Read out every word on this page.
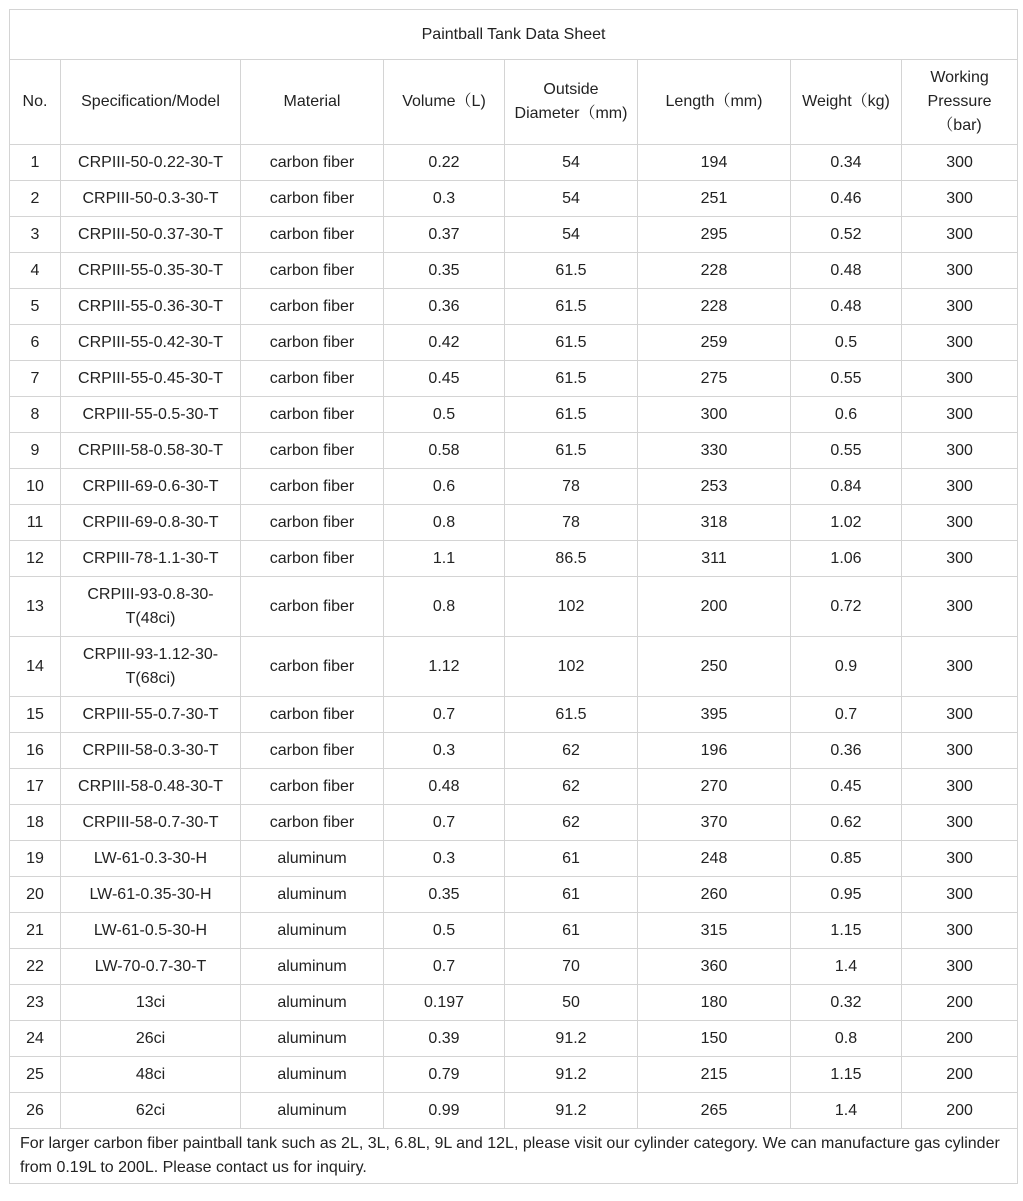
Paintball Tank Data Sheet							
No.	Specification/Model	Material	Volume（L)	Outside Diameter（mm)	Length（mm)	Weight（kg)	Working Pressure（bar)
1	CRPIII-50-0.22-30-T	carbon fiber	0.22	54	194	0.34	300
2	CRPIII-50-0.3-30-T	carbon fiber	0.3	54	251	0.46	300
3	CRPIII-50-0.37-30-T	carbon fiber	0.37	54	295	0.52	300
4	CRPIII-55-0.35-30-T	carbon fiber	0.35	61.5	228	0.48	300
5	CRPIII-55-0.36-30-T	carbon fiber	0.36	61.5	228	0.48	300
6	CRPIII-55-0.42-30-T	carbon fiber	0.42	61.5	259	0.5	300
7	CRPIII-55-0.45-30-T	carbon fiber	0.45	61.5	275	0.55	300
8	CRPIII-55-0.5-30-T	carbon fiber	0.5	61.5	300	0.6	300
9	CRPIII-58-0.58-30-T	carbon fiber	0.58	61.5	330	0.55	300
10	CRPIII-69-0.6-30-T	carbon fiber	0.6	78	253	0.84	300
11	CRPIII-69-0.8-30-T	carbon fiber	0.8	78	318	1.02	300
12	CRPIII-78-1.1-30-T	carbon fiber	1.1	86.5	311	1.06	300
13	CRPIII-93-0.8-30-T(48ci)	carbon fiber	0.8	102	200	0.72	300
14	CRPIII-93-1.12-30-T(68ci)	carbon fiber	1.12	102	250	0.9	300
15	CRPIII-55-0.7-30-T	carbon fiber	0.7	61.5	395	0.7	300
16	CRPIII-58-0.3-30-T	carbon fiber	0.3	62	196	0.36	300
17	CRPIII-58-0.48-30-T	carbon fiber	0.48	62	270	0.45	300
18	CRPIII-58-0.7-30-T	carbon fiber	0.7	62	370	0.62	300
19	LW-61-0.3-30-H	aluminum	0.3	61	248	0.85	300
20	LW-61-0.35-30-H	aluminum	0.35	61	260	0.95	300
21	LW-61-0.5-30-H	aluminum	0.5	61	315	1.15	300
22	LW-70-0.7-30-T	aluminum	0.7	70	360	1.4	300
23	13ci	aluminum	0.197	50	180	0.32	200
24	26ci	aluminum	0.39	91.2	150	0.8	200
25	48ci	aluminum	0.79	91.2	215	1.15	200
26	62ci	aluminum	0.99	91.2	265	1.4	200
For larger carbon fiber paintball tank such as 2L, 3L, 6.8L, 9L and 12L, please visit our cylinder category. We can manufacture gas cylinder from 0.19L to 200L. Please contact us for inquiry.							
